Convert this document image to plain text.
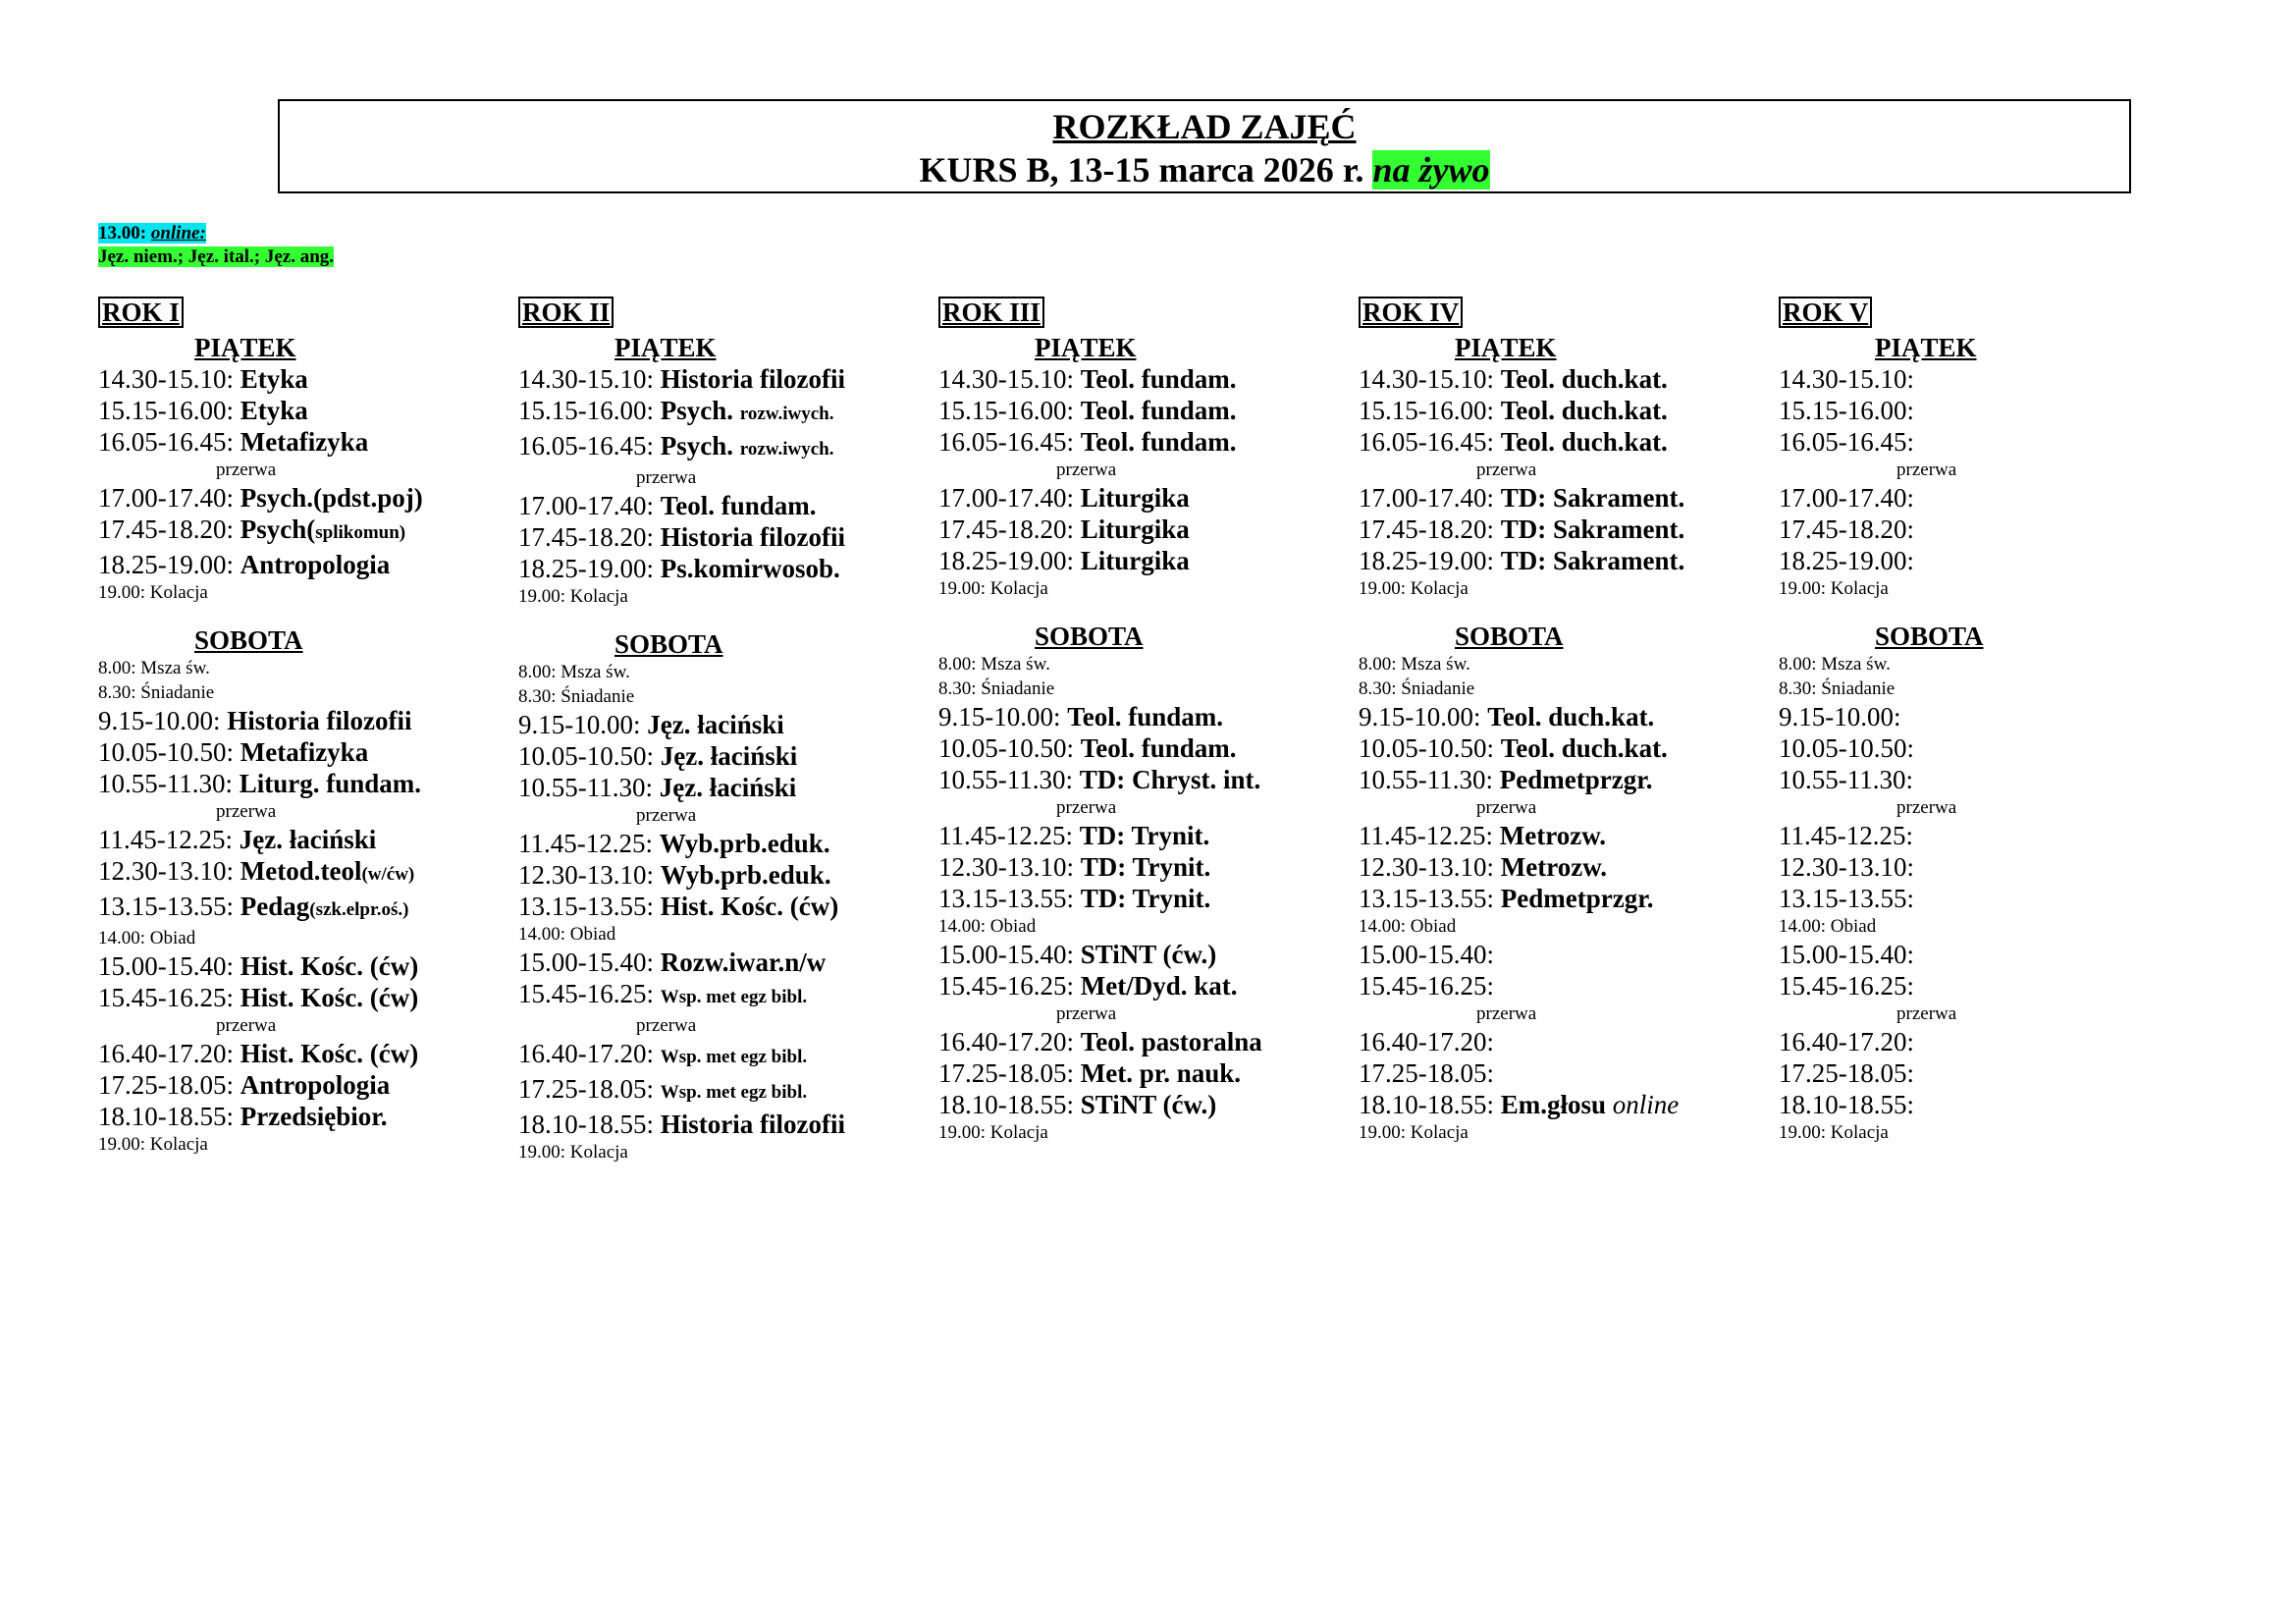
ROZKŁAD ZAJĘĆ
KURS B, 13-15 marca 2026 r. na żywo
13.00: online:
Jęz. niem.; Jęz. ital.; Jęz. ang.
ROK I
PIĄTEK
14.30-15.10: Etyka
15.15-16.00: Etyka
16.05-16.45: Metafizyka
przerwa
17.00-17.40: Psych.(pdst.poj)
17.45-18.20: Psych(splikomun)
18.25-19.00: Antropologia
19.00: Kolacja
SOBOTA
8.00: Msza św.
8.30: Śniadanie
9.15-10.00: Historia filozofii
10.05-10.50: Metafizyka
10.55-11.30: Liturg. fundam.
przerwa
11.45-12.25: Jęz. łaciński
12.30-13.10: Metod.teol(w/ćw)
13.15-13.55: Pedag(szk.elpr.oś.)
14.00: Obiad
15.00-15.40: Hist. Kośc. (ćw)
15.45-16.25: Hist. Kośc. (ćw)
przerwa
16.40-17.20: Hist. Kośc. (ćw)
17.25-18.05: Antropologia
18.10-18.55: Przedsiębior.
19.00: Kolacja
ROK II
PIĄTEK
14.30-15.10: Historia filozofii
15.15-16.00: Psych. rozw.iwych.
16.05-16.45: Psych. rozw.iwych.
przerwa
17.00-17.40: Teol. fundam.
17.45-18.20: Historia filozofii
18.25-19.00: Ps.komirwosob.
19.00: Kolacja
SOBOTA
8.00: Msza św.
8.30: Śniadanie
9.15-10.00: Jęz. łaciński
10.05-10.50: Jęz. łaciński
10.55-11.30: Jęz. łaciński
przerwa
11.45-12.25: Wyb.prb.eduk.
12.30-13.10: Wyb.prb.eduk.
13.15-13.55: Hist. Kośc. (ćw)
14.00: Obiad
15.00-15.40: Rozw.iwar.n/w
15.45-16.25: Wsp. met egz bibl.
przerwa
16.40-17.20: Wsp. met egz bibl.
17.25-18.05: Wsp. met egz bibl.
18.10-18.55: Historia filozofii
19.00: Kolacja
ROK III
PIĄTEK
14.30-15.10: Teol. fundam.
15.15-16.00: Teol. fundam.
16.05-16.45: Teol. fundam.
przerwa
17.00-17.40: Liturgika
17.45-18.20: Liturgika
18.25-19.00: Liturgika
19.00: Kolacja
SOBOTA
8.00: Msza św.
8.30: Śniadanie
9.15-10.00: Teol. fundam.
10.05-10.50: Teol. fundam.
10.55-11.30: TD: Chryst. int.
przerwa
11.45-12.25: TD: Trynit.
12.30-13.10: TD: Trynit.
13.15-13.55: TD: Trynit.
14.00: Obiad
15.00-15.40: STiNT (ćw.)
15.45-16.25: Met/Dyd. kat.
przerwa
16.40-17.20: Teol. pastoralna
17.25-18.05: Met. pr. nauk.
18.10-18.55: STiNT (ćw.)
19.00: Kolacja
ROK IV
PIĄTEK
14.30-15.10: Teol. duch.kat.
15.15-16.00: Teol. duch.kat.
16.05-16.45: Teol. duch.kat.
przerwa
17.00-17.40: TD: Sakrament.
17.45-18.20: TD: Sakrament.
18.25-19.00: TD: Sakrament.
19.00: Kolacja
SOBOTA
8.00: Msza św.
8.30: Śniadanie
9.15-10.00: Teol. duch.kat.
10.05-10.50: Teol. duch.kat.
10.55-11.30: Pedmetprzgr.
przerwa
11.45-12.25: Metrozw.
12.30-13.10: Metrozw.
13.15-13.55: Pedmetprzgr.
14.00: Obiad
15.00-15.40:
15.45-16.25:
przerwa
16.40-17.20:
17.25-18.05:
18.10-18.55: Em.głosu online
19.00: Kolacja
ROK V
PIĄTEK
14.30-15.10:
15.15-16.00:
16.05-16.45:
przerwa
17.00-17.40:
17.45-18.20:
18.25-19.00:
19.00: Kolacja
SOBOTA
8.00: Msza św.
8.30: Śniadanie
9.15-10.00:
10.05-10.50:
10.55-11.30:
przerwa
11.45-12.25:
12.30-13.10:
13.15-13.55:
14.00: Obiad
15.00-15.40:
15.45-16.25:
przerwa
16.40-17.20:
17.25-18.05:
18.10-18.55:
19.00: Kolacja
